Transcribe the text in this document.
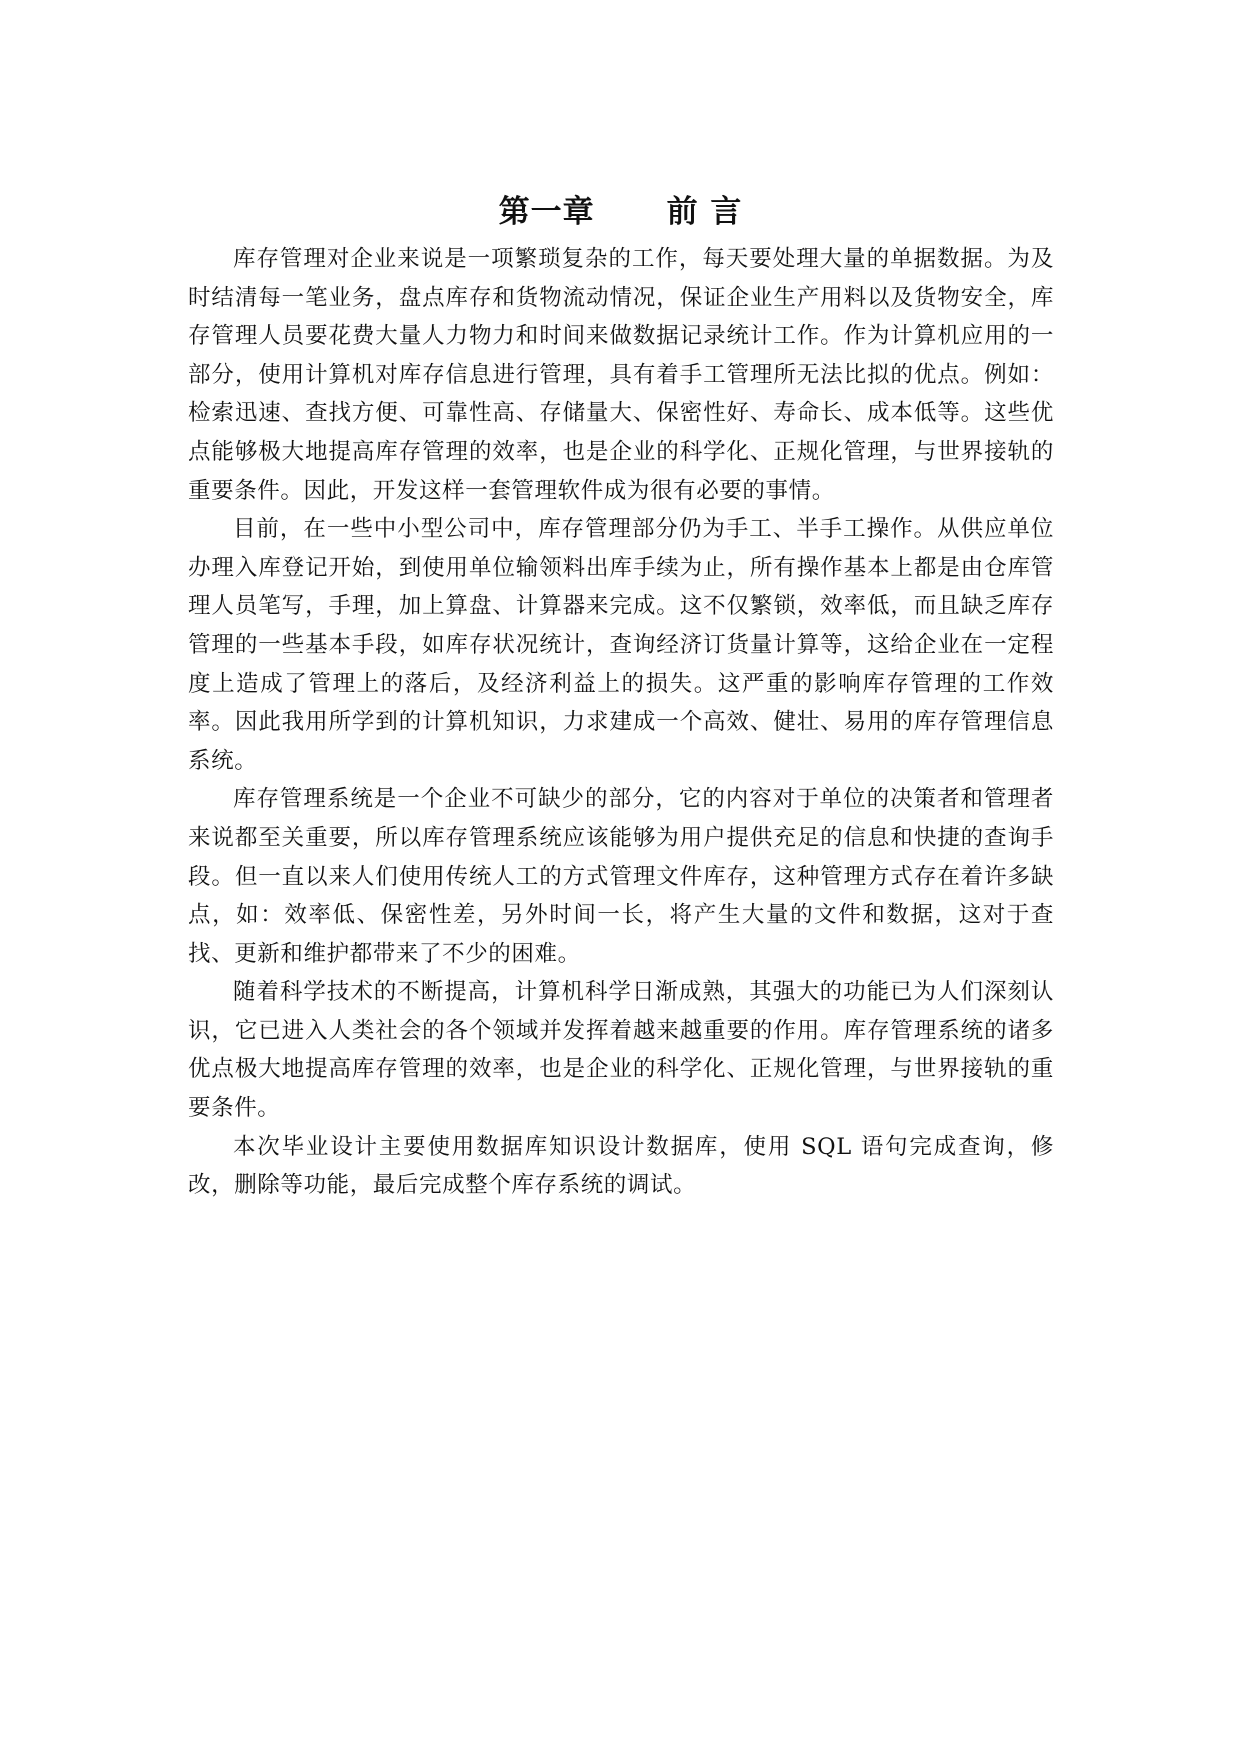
第一章 前 言

库存管理对企业来说是一项繁琐复杂的工作，每天要处理大量的单据数据。为及时结清每一笔业务，盘点库存和货物流动情况，保证企业生产用料以及货物安全，库存管理人员要花费大量人力物力和时间来做数据记录统计工作。作为计算机应用的一部分，使用计算机对库存信息进行管理，具有着手工管理所无法比拟的优点。例如：检索迅速、查找方便、可靠性高、存储量大、保密性好、寿命长、成本低等。这些优点能够极大地提高库存管理的效率，也是企业的科学化、正规化管理，与世界接轨的重要条件。因此，开发这样一套管理软件成为很有必要的事情。

目前，在一些中小型公司中，库存管理部分仍为手工、半手工操作。从供应单位办理入库登记开始，到使用单位输领料出库手续为止，所有操作基本上都是由仓库管理人员笔写，手理，加上算盘、计算器来完成。这不仅繁锁，效率低，而且缺乏库存管理的一些基本手段，如库存状况统计，查询经济订货量计算等，这给企业在一定程度上造成了管理上的落后，及经济利益上的损失。这严重的影响库存管理的工作效率。因此我用所学到的计算机知识，力求建成一个高效、健壮、易用的库存管理信息系统。

库存管理系统是一个企业不可缺少的部分，它的内容对于单位的决策者和管理者来说都至关重要，所以库存管理系统应该能够为用户提供充足的信息和快捷的查询手段。但一直以来人们使用传统人工的方式管理文件库存，这种管理方式存在着许多缺点，如：效率低、保密性差，另外时间一长，将产生大量的文件和数据，这对于查找、更新和维护都带来了不少的困难。

随着科学技术的不断提高，计算机科学日渐成熟，其强大的功能已为人们深刻认识，它已进入人类社会的各个领域并发挥着越来越重要的作用。库存管理系统的诸多优点极大地提高库存管理的效率，也是企业的科学化、正规化管理，与世界接轨的重要条件。

本次毕业设计主要使用数据库知识设计数据库，使用 SQL 语句完成查询，修改，删除等功能，最后完成整个库存系统的调试。
